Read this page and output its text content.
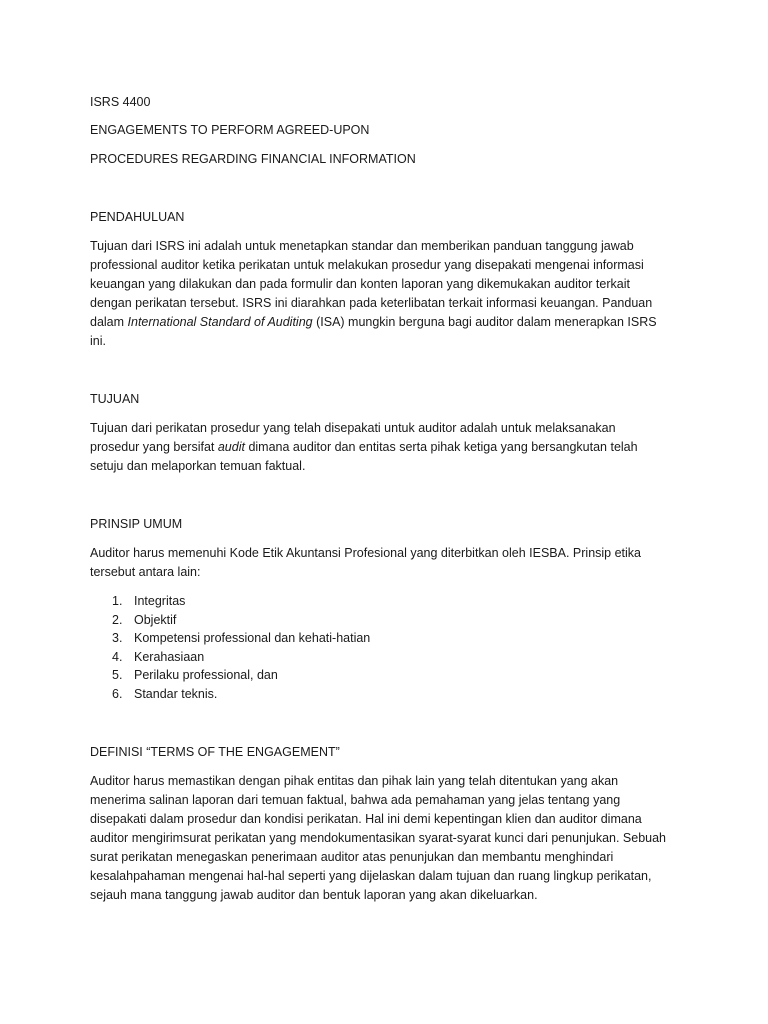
ISRS 4400
ENGAGEMENTS TO PERFORM AGREED-UPON
PROCEDURES REGARDING FINANCIAL INFORMATION
PENDAHULUAN
Tujuan dari ISRS ini adalah untuk menetapkan standar dan memberikan panduan tanggung jawab
professional auditor ketika perikatan untuk melakukan prosedur yang disepakati mengenai informasi
keuangan yang dilakukan dan pada formulir dan konten laporan yang dikemukakan auditor terkait
dengan perikatan tersebut. ISRS ini diarahkan pada keterlibatan terkait informasi keuangan. Panduan
dalam International Standard of Auditing (ISA) mungkin berguna bagi auditor dalam menerapkan ISRS
ini.
TUJUAN
Tujuan dari perikatan prosedur yang telah disepakati untuk auditor adalah untuk melaksanakan
prosedur yang bersifat audit dimana auditor dan entitas serta pihak ketiga yang bersangkutan telah
setuju dan melaporkan temuan faktual.
PRINSIP UMUM
Auditor harus memenuhi Kode Etik Akuntansi Profesional yang diterbitkan oleh IESBA. Prinsip etika
tersebut antara lain:
1. Integritas
2. Objektif
3. Kompetensi professional dan kehati-hatian
4. Kerahasiaan
5. Perilaku professional, dan
6. Standar teknis.
DEFINISI “TERMS OF THE ENGAGEMENT”
Auditor harus memastikan dengan pihak entitas dan pihak lain yang telah ditentukan yang akan
menerima salinan laporan dari temuan faktual, bahwa ada pemahaman yang jelas tentang yang
disepakati dalam prosedur dan kondisi perikatan. Hal ini demi kepentingan klien dan auditor dimana
auditor mengirimsurat perikatan yang mendokumentasikan syarat-syarat kunci dari penunjukan. Sebuah
surat perikatan menegaskan penerimaan auditor atas penunjukan dan membantu menghindari
kesalahpahaman mengenai hal-hal seperti yang dijelaskan dalam tujuan dan ruang lingkup perikatan,
sejauh mana tanggung jawab auditor dan bentuk laporan yang akan dikeluarkan.
